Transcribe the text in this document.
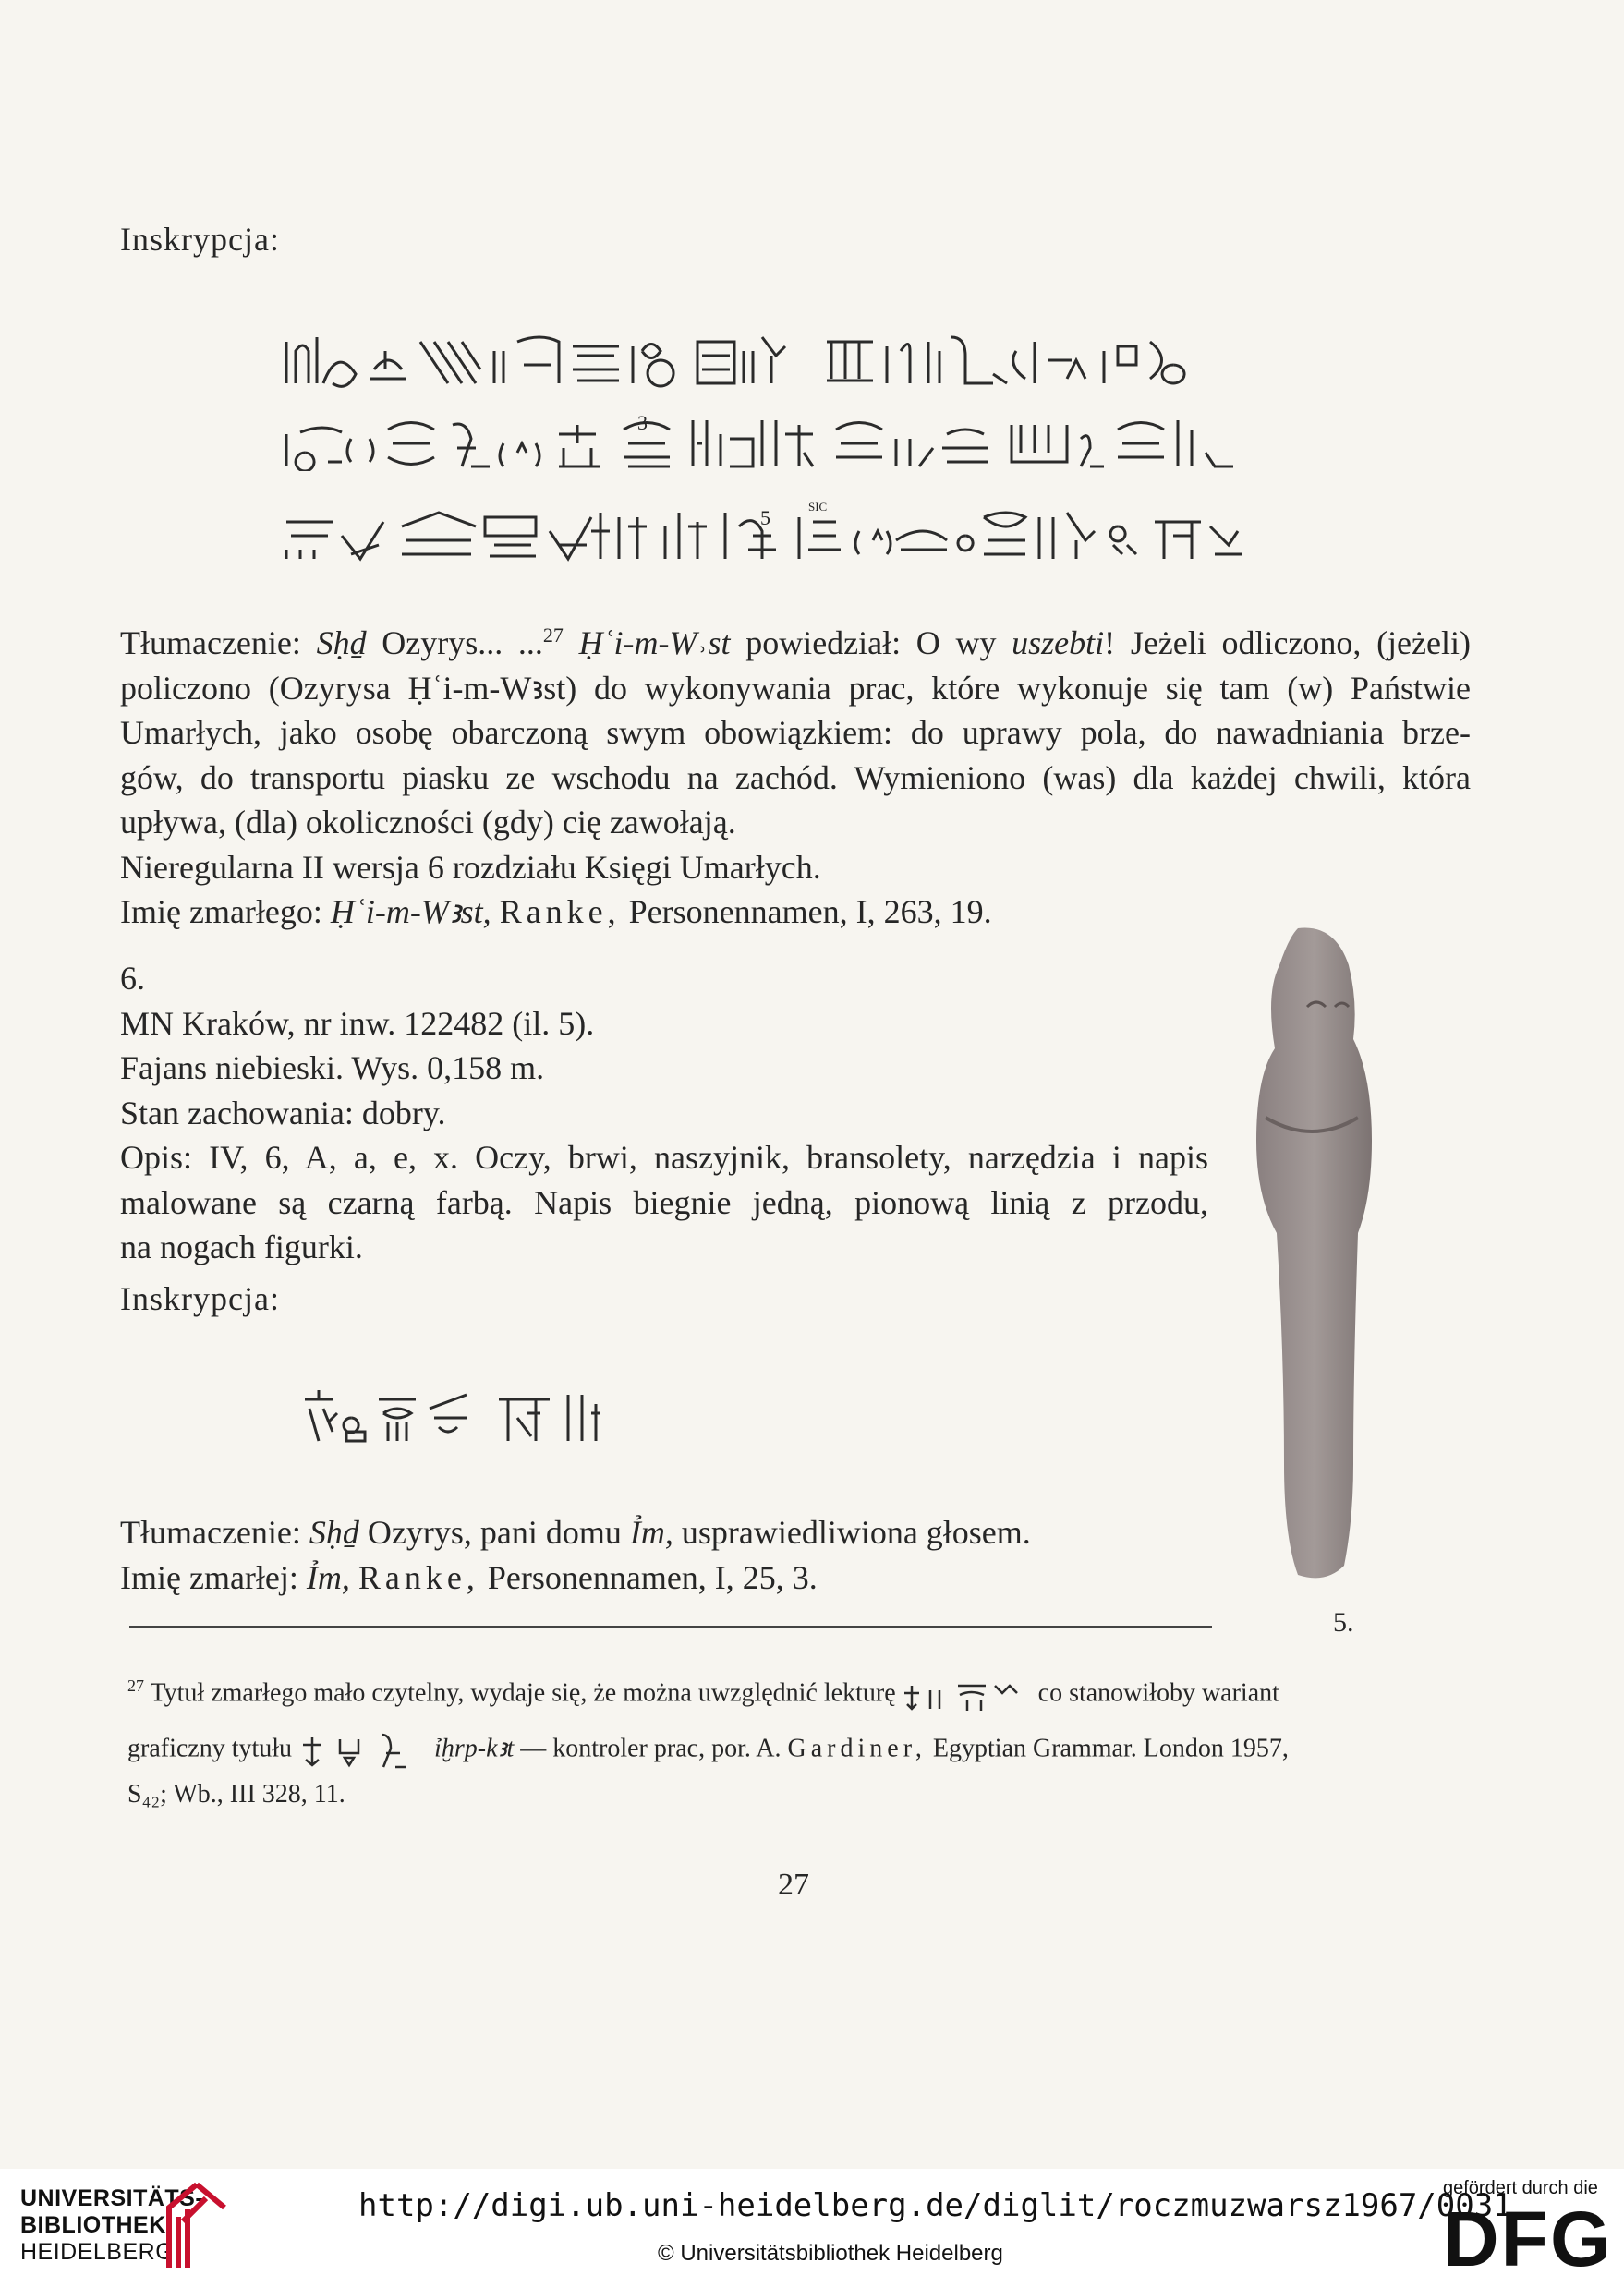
Inskrypcja:
3
5
sic
Tłumaczenie: Sḥḏ Ozyrys... ...$^{27}$ Ḥʿi-m-W˒st powiedział: O wy uszebti! Jeżeli odliczono, (jeżeli)
policzono (Ozyrysa Ḥʿi-m-Wꜣst) do wykonywania prac, które wykonuje się tam (w) Państwie
Umarłych, jako osobę obarczoną swym obowiązkiem: do uprawy pola, do nawadniania brze-
gów, do transportu piasku ze wschodu na zachód. Wymieniono (was) dla każdej chwili, która
upływa, (dla) okoliczności (gdy) cię zawołają.
Nieregularna II wersja 6 rozdziału Księgi Umarłych.
Imię zmarłego: Ḥʿi-m-Wꜣst, Ranke, Personennamen, I, 263, 19.
6.
MN Kraków, nr inw. 122482 (il. 5).
Fajans niebieski. Wys. 0,158 m.
Stan zachowania: dobry.
Opis: IV, 6, A, a, e, x. Oczy, brwi, naszyjnik, bransolety, narzędzia i napis
malowane są czarną farbą. Napis biegnie jedną, pionową linią z przodu,
na nogach figurki.
Inskrypcja:
Tłumaczenie: Sḥḏ Ozyrys, pani domu Ỉm, usprawiedliwiona głosem.
Imię zmarłej: Ỉm, Ranke, Personennamen, I, 25, 3.
5.
$^{27}$ Tytuł zmarłego mało czytelny, wydaje się, że można uwzględnić lekturę	co stanowiłoby wariant
graficzny tytułu	ỉḫrp-kꜣt — kontroler prac, por. A. Gardiner, Egyptian Grammar. London 1957,
S₄₂; Wb., III 328, 11.
27
UNIVERSITÄTS-
BIBLIOTHEK
HEIDELBERG
http://digi.ub.uni-heidelberg.de/diglit/roczmuzwarsz1967/0031
© Universitätsbibliothek Heidelberg
gefördert durch die
DFG
